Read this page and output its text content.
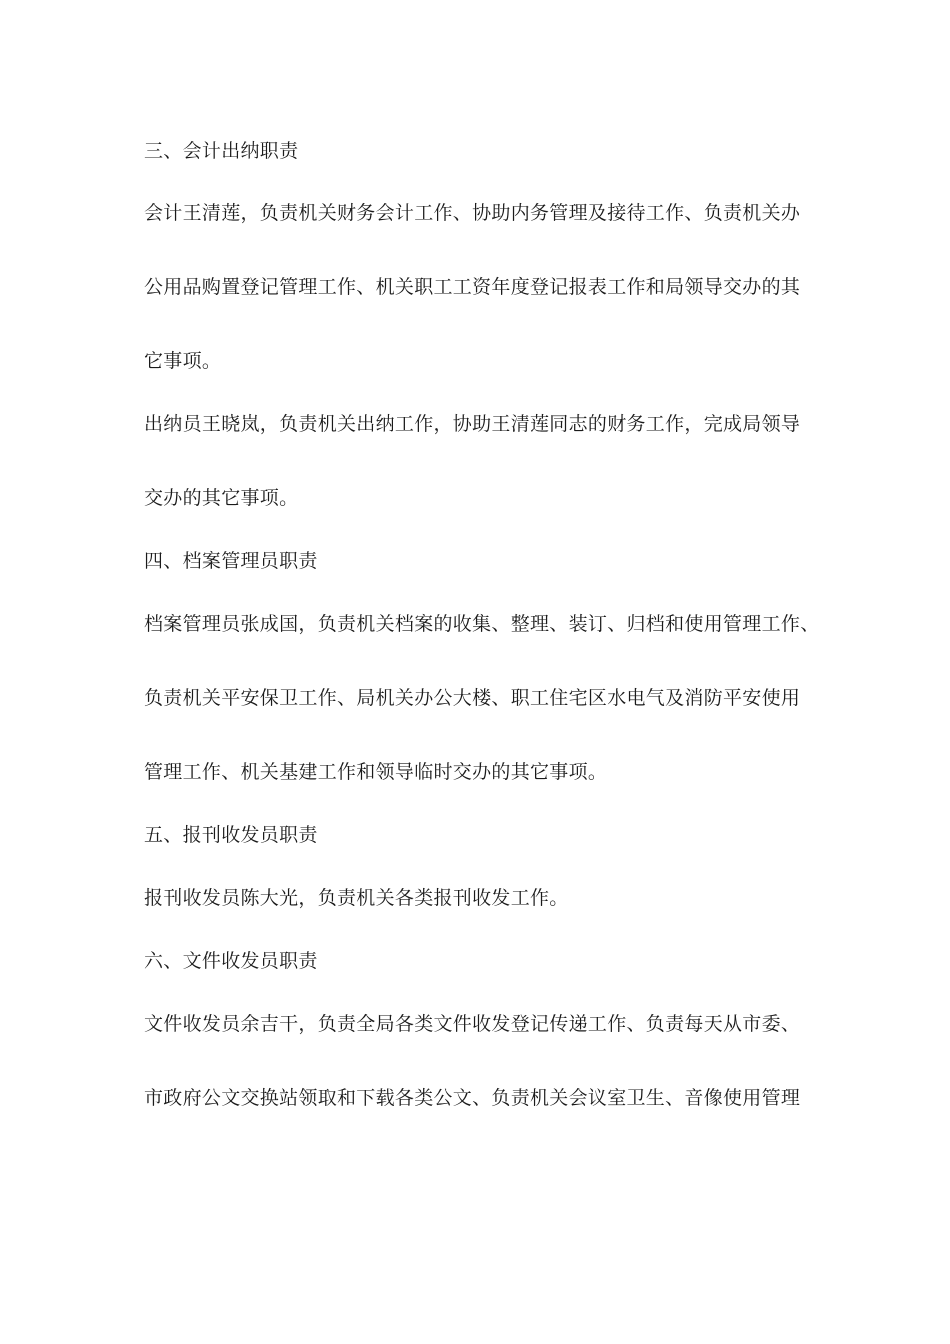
三、会计出纳职责
会计王清莲，负责机关财务会计工作、协助内务管理及接待工作、负责机关办
公用品购置登记管理工作、机关职工工资年度登记报表工作和局领导交办的其
它事项。
出纳员王晓岚，负责机关出纳工作，协助王清莲同志的财务工作，完成局领导
交办的其它事项。
四、档案管理员职责
档案管理员张成国，负责机关档案的收集、整理、装订、归档和使用管理工作、
负责机关平安保卫工作、局机关办公大楼、职工住宅区水电气及消防平安使用
管理工作、机关基建工作和领导临时交办的其它事项。
五、报刊收发员职责
报刊收发员陈大光，负责机关各类报刊收发工作。
六、文件收发员职责
文件收发员余吉干，负责全局各类文件收发登记传递工作、负责每天从市委、
市政府公文交换站领取和下载各类公文、负责机关会议室卫生、音像使用管理
